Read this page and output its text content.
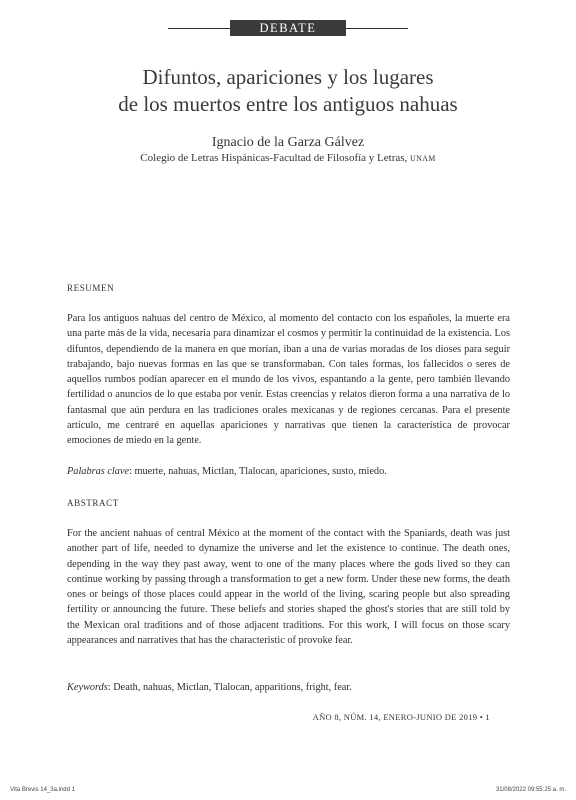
DEBATE
Difuntos, apariciones y los lugares
de los muertos entre los antiguos nahuas
Ignacio de la Garza Gálvez
Colegio de Letras Hispánicas-Facultad de Filosofía y Letras, UNAM
RESUMEN

Para los antiguos nahuas del centro de México, al momento del contacto con los españoles, la muerte era una parte más de la vida, necesaria para dinamizar el cosmos y permitir la continuidad de la existencia. Los difuntos, dependiendo de la manera en que morían, iban a una de varias moradas de los dioses para seguir trabajando, bajo nuevas formas en las que se transformaban. Con tales formas, los fallecidos o seres de aquellos rumbos podían aparecer en el mundo de los vivos, espantando a la gente, pero también llevando fertilidad o anuncios de lo que estaba por venir. Estas creencias y relatos dieron forma a una narrativa de lo fantasmal que aún perdura en las tradiciones orales mexicanas y de regiones cercanas. Para el presente artículo, me centraré en aquellas apariciones y narrativas que tienen la característica de provocar emociones de miedo en la gente.

Palabras clave: muerte, nahuas, Mictlan, Tlalocan, apariciones, susto, miedo.
ABSTRACT

For the ancient nahuas of central México at the moment of the contact with the Spaniards, death was just another part of life, needed to dynamize the universe and let the existence to continue. The death ones, depending in the way they past away, went to one of the many places where the gods lived so they can continue working by passing through a transformation to get a new form. Under these new forms, the death ones or beings of those places could appear in the world of the living, scaring people but also spreading fertility or announcing the future. These beliefs and stories shaped the ghost's stories that are still told by the Mexican oral traditions and of those adjacent traditions. For this work, I will focus on those scary appearances and narratives that has the characteristic of provoke fear.

Keywords: Death, nahuas, Mictlan, Tlalocan, apparitions, fright, fear.
AÑO 8, NÚM. 14, ENERO-JUNIO DE 2019 • 1
Vita Brevis 14_3a.indd 1	31/08/2022 09:55:25 a. m.
